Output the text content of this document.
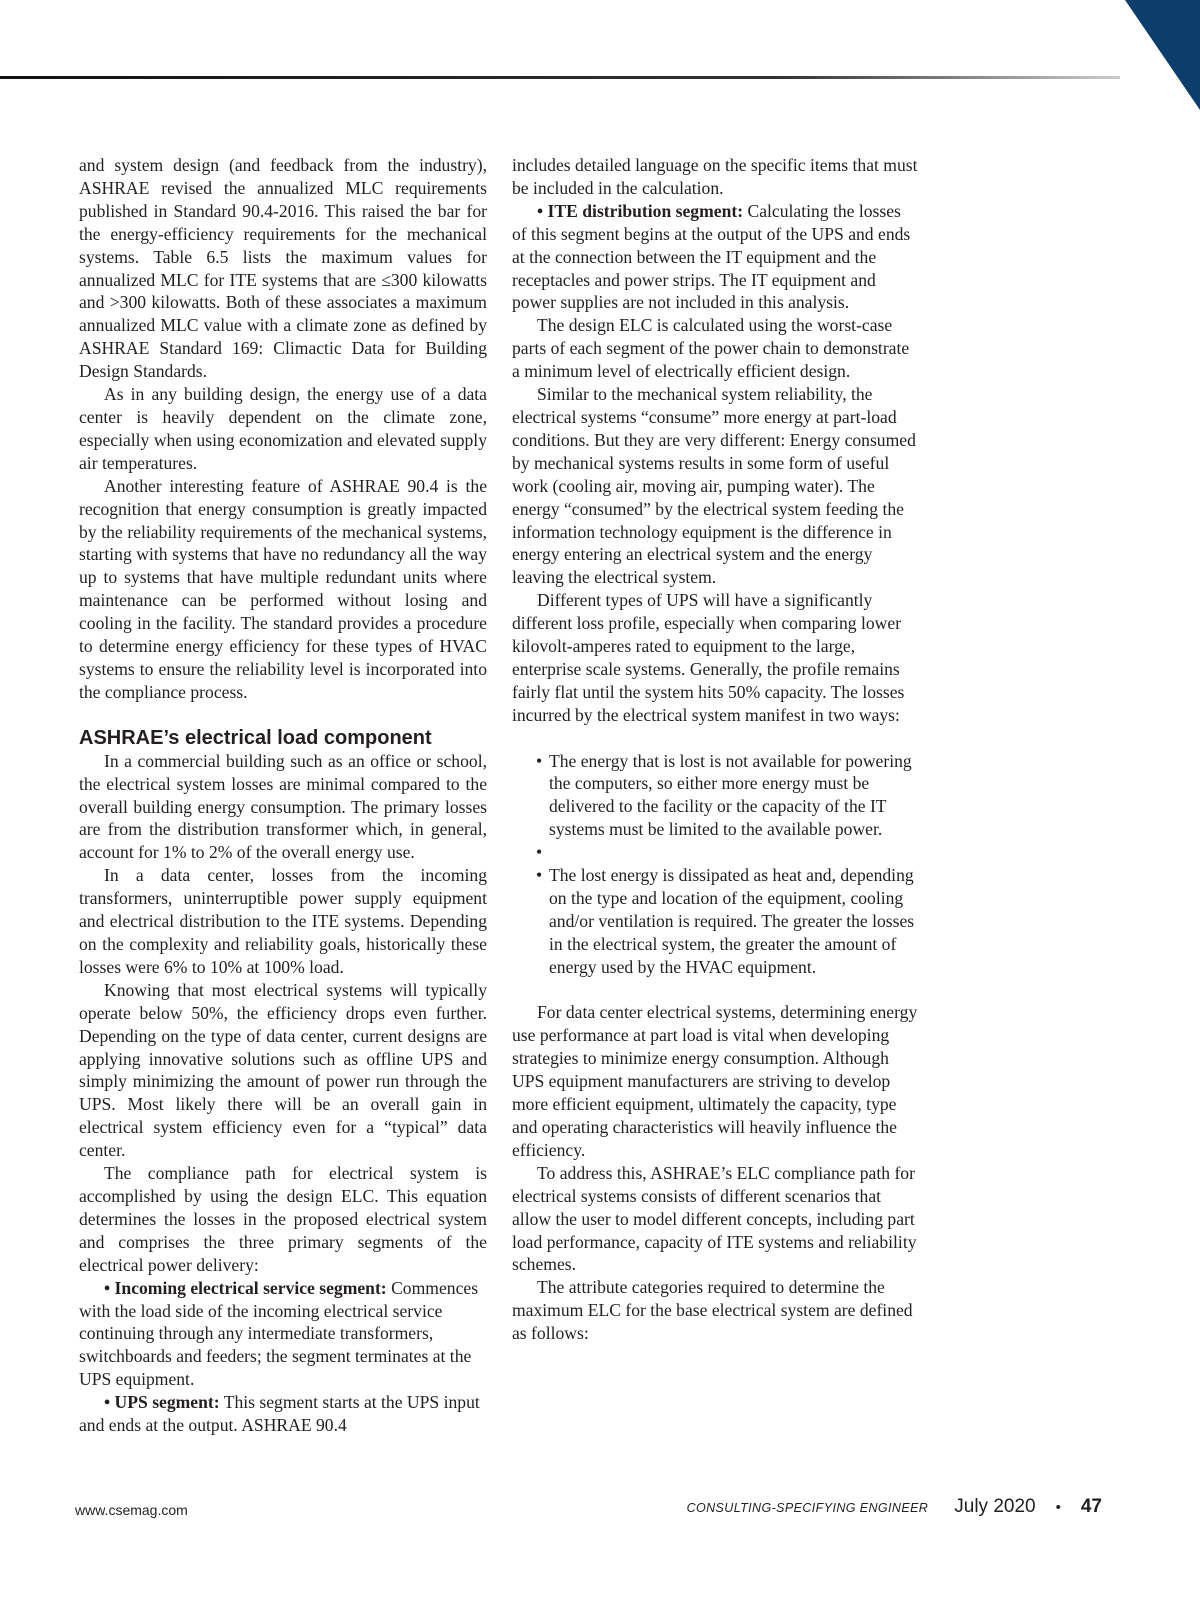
and system design (and feedback from the industry), ASHRAE revised the annualized MLC requirements published in Standard 90.4-2016. This raised the bar for the energy-efficiency requirements for the mechanical systems. Table 6.5 lists the maximum values for annualized MLC for ITE systems that are ≤300 kilowatts and >300 kilowatts. Both of these associates a maximum annualized MLC value with a climate zone as defined by ASHRAE Standard 169: Climactic Data for Building Design Standards.

As in any building design, the energy use of a data center is heavily dependent on the climate zone, especially when using economization and elevated supply air temperatures.

Another interesting feature of ASHRAE 90.4 is the recognition that energy consumption is greatly impacted by the reliability requirements of the mechanical systems, starting with systems that have no redundancy all the way up to systems that have multiple redundant units where maintenance can be performed without losing and cooling in the facility. The standard provides a procedure to determine energy efficiency for these types of HVAC systems to ensure the reliability level is incorporated into the compliance process.

ASHRAE’s electrical load component

In a commercial building such as an office or school, the electrical system losses are minimal compared to the overall building energy consumption. The primary losses are from the distribution transformer which, in general, account for 1% to 2% of the overall energy use.

In a data center, losses from the incoming transformers, uninterruptible power supply equipment and electrical distribution to the ITE systems. Depending on the complexity and reliability goals, historically these losses were 6% to 10% at 100% load.

Knowing that most electrical systems will typically operate below 50%, the efficiency drops even further. Depending on the type of data center, current designs are applying innovative solutions such as offline UPS and simply minimizing the amount of power run through the UPS. Most likely there will be an overall gain in electrical system efficiency even for a “typical” data center.

The compliance path for electrical system is accomplished by using the design ELC. This equation determines the losses in the proposed electrical system and comprises the three primary segments of the electrical power delivery:

• Incoming electrical service segment: Commences with the load side of the incoming electrical service continuing through any intermediate transformers, switchboards and feeders; the segment terminates at the UPS equipment.

• UPS segment: This segment starts at the UPS input and ends at the output. ASHRAE 90.4

includes detailed language on the specific items that must be included in the calculation.

• ITE distribution segment: Calculating the losses of this segment begins at the output of the UPS and ends at the connection between the IT equipment and the receptacles and power strips. The IT equipment and power supplies are not included in this analysis.

The design ELC is calculated using the worst-case parts of each segment of the power chain to demonstrate a minimum level of electrically efficient design.

Similar to the mechanical system reliability, the electrical systems “consume” more energy at part-load conditions. But they are very different: Energy consumed by mechanical systems results in some form of useful work (cooling air, moving air, pumping water). The energy “consumed” by the electrical system feeding the information technology equipment is the difference in energy entering an electrical system and the energy leaving the electrical system.

Different types of UPS will have a significantly different loss profile, especially when comparing lower kilovolt-amperes rated to equipment to the large, enterprise scale systems. Generally, the profile remains fairly flat until the system hits 50% capacity. The losses incurred by the electrical system manifest in two ways:

• The energy that is lost is not available for powering the computers, so either more energy must be delivered to the facility or the capacity of the IT systems must be limited to the available power.
•
• The lost energy is dissipated as heat and, depending on the type and location of the equipment, cooling and/or ventilation is required. The greater the losses in the electrical system, the greater the amount of energy used by the HVAC equipment.

For data center electrical systems, determining energy use performance at part load is vital when developing strategies to minimize energy consumption. Although UPS equipment manufacturers are striving to develop more efficient equipment, ultimately the capacity, type and operating characteristics will heavily influence the efficiency.

To address this, ASHRAE’s ELC compliance path for electrical systems consists of different scenarios that allow the user to model different concepts, including part load performance, capacity of ITE systems and reliability schemes.

The attribute categories required to determine the maximum ELC for the base electrical system are defined as follows:

www.csemag.com	CONSULTING-SPECIFYING ENGINEER July 2020 • 47
